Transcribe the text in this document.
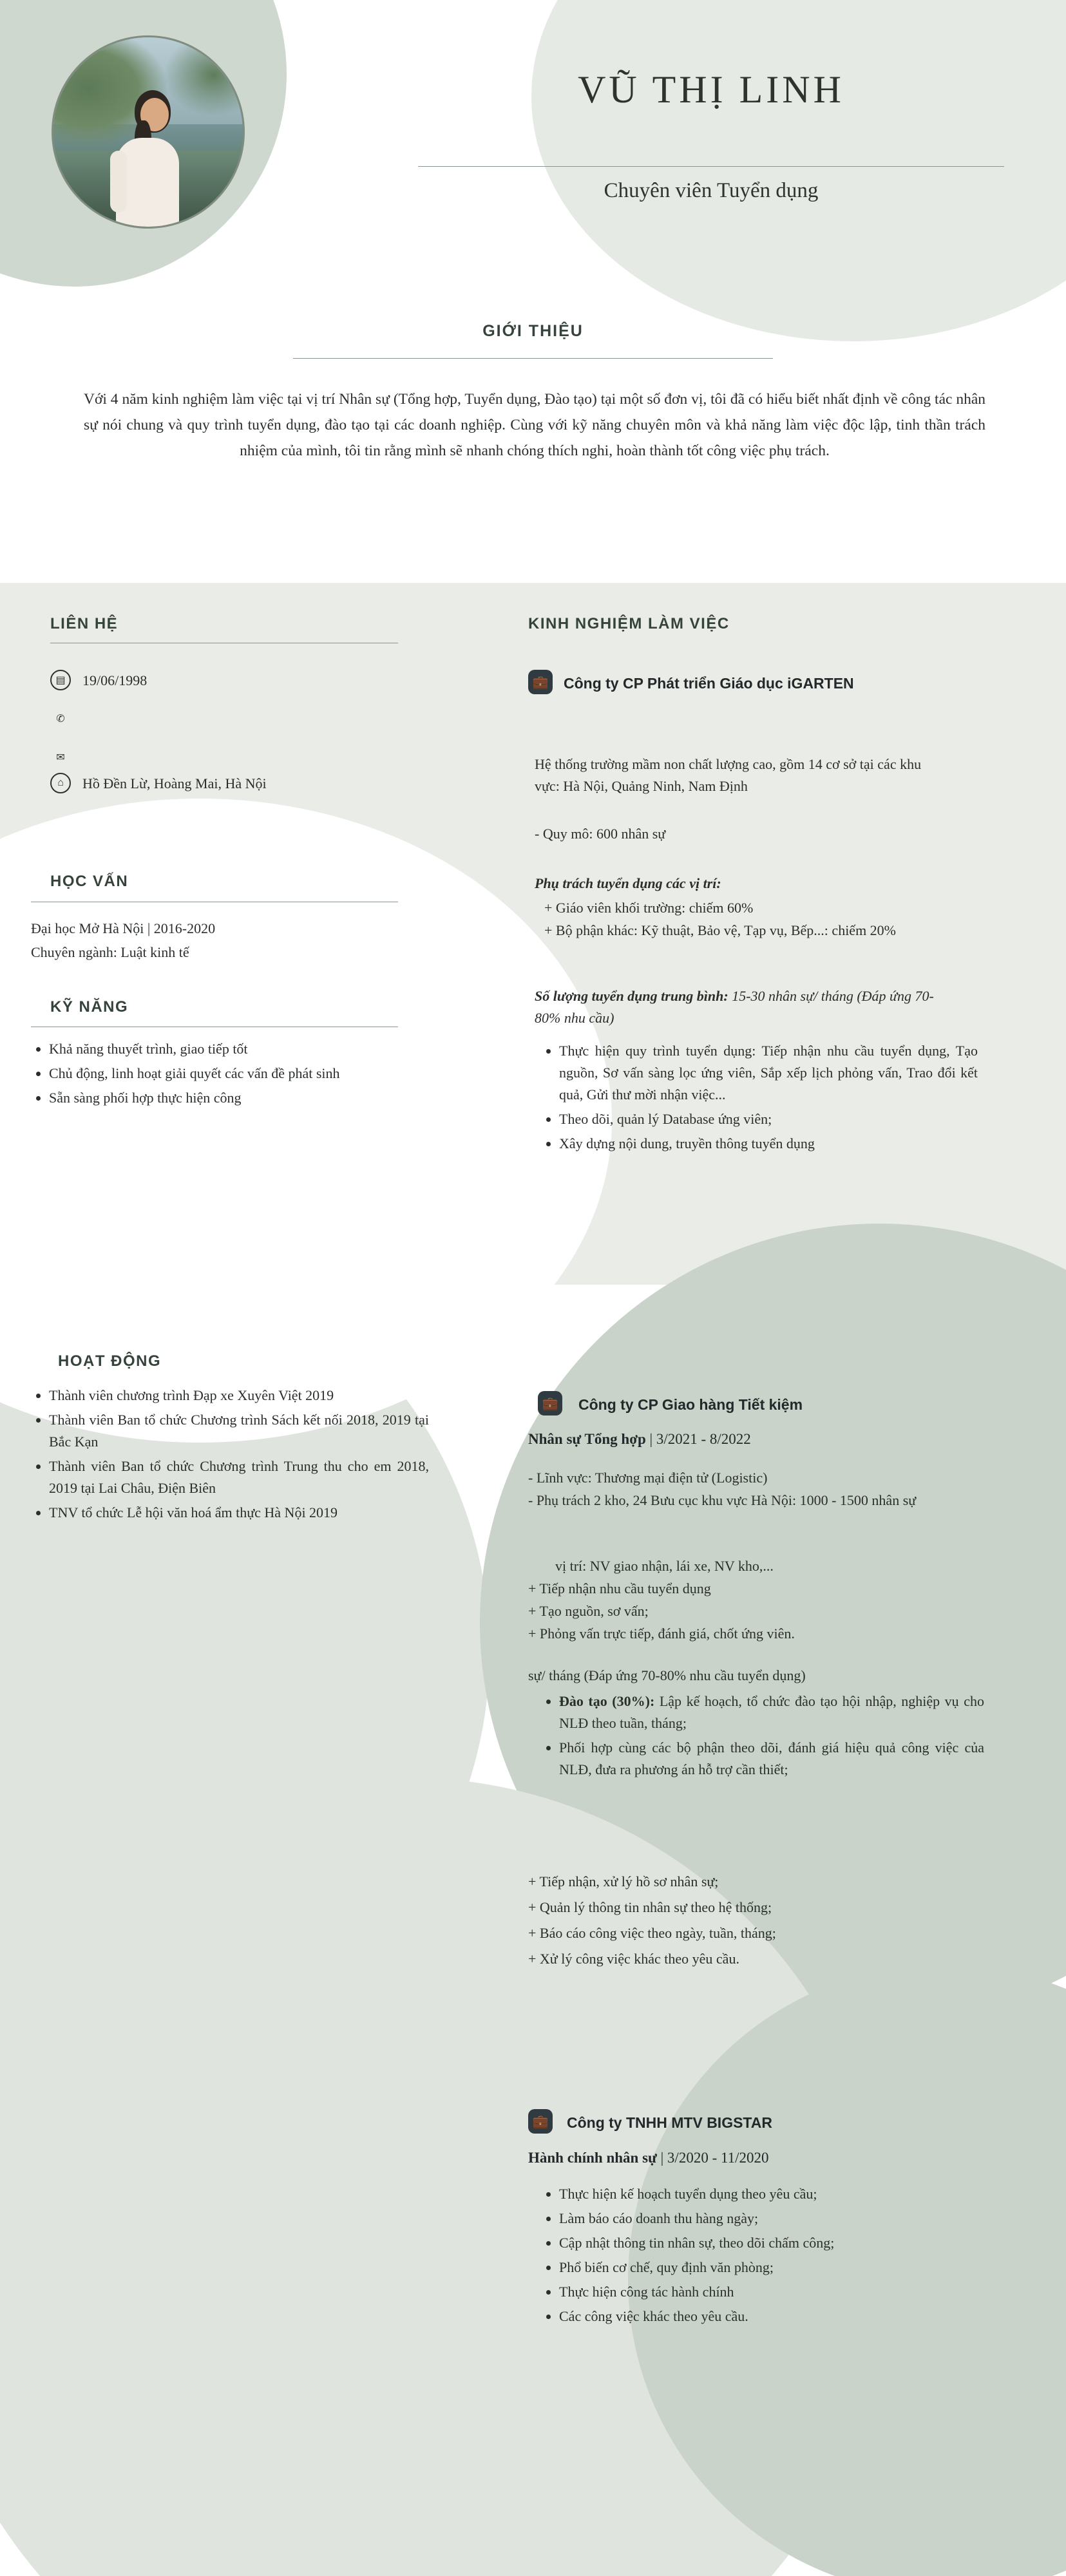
VŨ THỊ LINH
Chuyên viên Tuyển dụng
GIỚI THIỆU
Với 4 năm kinh nghiệm làm việc tại vị trí Nhân sự (Tổng hợp, Tuyển dụng, Đào tạo) tại một số đơn vị, tôi đã có hiểu biết nhất định về công tác nhân sự nói chung và quy trình tuyển dụng, đào tạo tại các doanh nghiệp. Cùng với kỹ năng chuyên môn và khả năng làm việc độc lập, tinh thần trách nhiệm của mình, tôi tin rằng mình sẽ nhanh chóng thích nghi, hoàn thành tốt công việc phụ trách.
LIÊN HỆ
▤	19/06/1998
✆
✉
⌂	Hồ Đền Lừ, Hoàng Mai, Hà Nội
HỌC VẤN
Đại học Mở Hà Nội | 2016-2020
Chuyên ngành: Luật kinh tế
KỸ NĂNG
• Khả năng thuyết trình, giao tiếp tốt
• Chủ động, linh hoạt giải quyết các vấn đề phát sinh
• Sẵn sàng phối hợp thực hiện công
HOẠT ĐỘNG
• Thành viên chương trình Đạp xe Xuyên Việt 2019
• Thành viên Ban tổ chức Chương trình Sách kết nối 2018, 2019 tại Bắc Kạn
• Thành viên Ban tổ chức Chương trình Trung thu cho em 2018, 2019 tại Lai Châu, Điện Biên
• TNV tổ chức Lễ hội văn hoá ẩm thực Hà Nội 2019
KINH NGHIỆM LÀM VIỆC
💼 Công ty CP Phát triển Giáo dục iGARTEN
Hệ thống trường mầm non chất lượng cao, gồm 14 cơ sở tại các khu vực: Hà Nội, Quảng Ninh, Nam Định
- Quy mô: 600 nhân sự
Phụ trách tuyển dụng các vị trí:
+ Giáo viên khối trường: chiếm 60%
+ Bộ phận khác: Kỹ thuật, Bảo vệ, Tạp vụ, Bếp...: chiếm 20%
Số lượng tuyển dụng trung bình: 15-30 nhân sự/ tháng (Đáp ứng 70-80% nhu cầu)
• Thực hiện quy trình tuyển dụng: Tiếp nhận nhu cầu tuyển dụng, Tạo nguồn, Sơ vấn sàng lọc ứng viên, Sắp xếp lịch phỏng vấn, Trao đổi kết quả, Gửi thư mời nhận việc...
• Theo dõi, quản lý Database ứng viên;
• Xây dựng nội dung, truyền thông tuyển dụng
💼 Công ty CP Giao hàng Tiết kiệm
Nhân sự Tổng hợp | 3/2021 - 8/2022
- Lĩnh vực: Thương mại điện tử (Logistic)
- Phụ trách 2 kho, 24 Bưu cục khu vực Hà Nội: 1000 - 1500 nhân sự
vị trí: NV giao nhận, lái xe, NV kho,...
+ Tiếp nhận nhu cầu tuyển dụng
+ Tạo nguồn, sơ vấn;
+ Phỏng vấn trực tiếp, đánh giá, chốt ứng viên.
sự/ tháng (Đáp ứng 70-80% nhu cầu tuyển dụng)
• Đào tạo (30%): Lập kế hoạch, tổ chức đào tạo hội nhập, nghiệp vụ cho NLĐ theo tuần, tháng;
• Phối hợp cùng các bộ phận theo dõi, đánh giá hiệu quả công việc của NLĐ, đưa ra phương án hỗ trợ cần thiết;
+ Tiếp nhận, xử lý hồ sơ nhân sự;
+ Quản lý thông tin nhân sự theo hệ thống;
+ Báo cáo công việc theo ngày, tuần, tháng;
+ Xử lý công việc khác theo yêu cầu.
💼 Công ty TNHH MTV BIGSTAR
Hành chính nhân sự | 3/2020 - 11/2020
• Thực hiện kế hoạch tuyển dụng theo yêu cầu;
• Làm báo cáo doanh thu hàng ngày;
• Cập nhật thông tin nhân sự, theo dõi chấm công;
• Phổ biến cơ chế, quy định văn phòng;
• Thực hiện công tác hành chính
• Các công việc khác theo yêu cầu.
